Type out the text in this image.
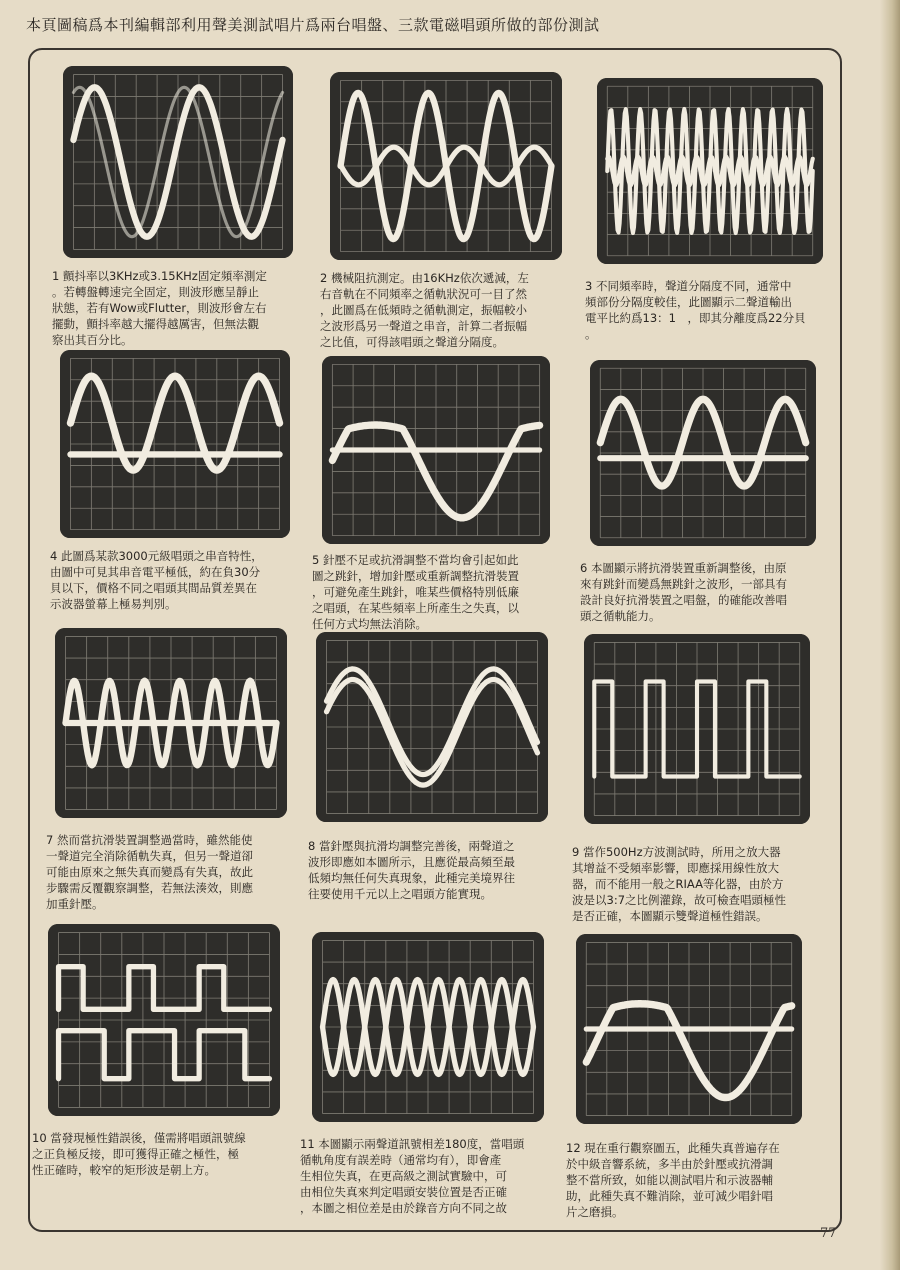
本頁圖稿爲本刊編輯部利用聲美測試唱片爲兩台唱盤、三款電磁唱頭所做的部份測試
1 顫抖率以3KHz或3.15KHz固定頻率測定
。若轉盤轉速完全固定，則波形應呈靜止
狀態，若有Wow或Flutter，則波形會左右
擺動，顫抖率越大擺得越厲害，但無法觀
察出其百分比。
2 機械阻抗測定。由16KHz依次遞減，左
右音軌在不同頻率之循軌狀況可一目了然
，此圖爲在低頻時之循軌測定，振幅較小
之波形爲另一聲道之串音，計算二者振幅
之比值，可得該唱頭之聲道分隔度。
3 不同頻率時，聲道分隔度不同，通常中
頻部份分隔度較佳，此圖顯示二聲道輸出
電平比約爲13：1　，即其分離度爲22分貝
。
4 此圖爲某款3000元級唱頭之串音特性，
由圖中可見其串音電平極低，約在負30分
貝以下，價格不同之唱頭其間品質差異在
示波器螢幕上極易判別。
5 針壓不足或抗滑調整不當均會引起如此
圖之跳針，增加針壓或重新調整抗滑裝置
，可避免產生跳針，唯某些價格特別低廉
之唱頭，在某些頻率上所產生之失真，以
任何方式均無法消除。
6 本圖顯示將抗滑裝置重新調整後，由原
來有跳針而變爲無跳針之波形，一部具有
設計良好抗滑裝置之唱盤，的確能改善唱
頭之循軌能力。
7 然而當抗滑裝置調整過當時，雖然能使
一聲道完全消除循軌失真，但另一聲道卻
可能由原來之無失真而變爲有失真，故此
步驟需反覆觀察調整，若無法湊效，則應
加重針壓。
8 當針壓與抗滑均調整完善後，兩聲道之
波形即應如本圖所示，且應從最高頻至最
低頻均無任何失真現象，此種完美境界往
往要使用千元以上之唱頭方能實現。
9 當作500Hz方波測試時，所用之放大器
其增益不受頻率影響，即應採用線性放大
器，而不能用一般之RIAA等化器，由於方
波是以3:7之比例灌錄，故可檢查唱頭極性
是否正確，本圖顯示雙聲道極性錯誤。
10 當發現極性錯誤後，僅需將唱頭訊號線
之正負極反接，即可獲得正確之極性，極
性正確時，較窄的矩形波是朝上方。
11 本圖顯示兩聲道訊號相差180度，當唱頭
循軌角度有誤差時（通常均有），即會產
生相位失真，在更高級之測試實驗中，可
由相位失真來判定唱頭安裝位置是否正確
，本圖之相位差是由於錄音方向不同之故
12 現在重行觀察圖五，此種失真普遍存在
於中級音響系統，多半由於針壓或抗滑調
整不當所致，如能以測試唱片和示波器輔
助，此種失真不難消除，並可減少唱針唱
片之磨損。
77
